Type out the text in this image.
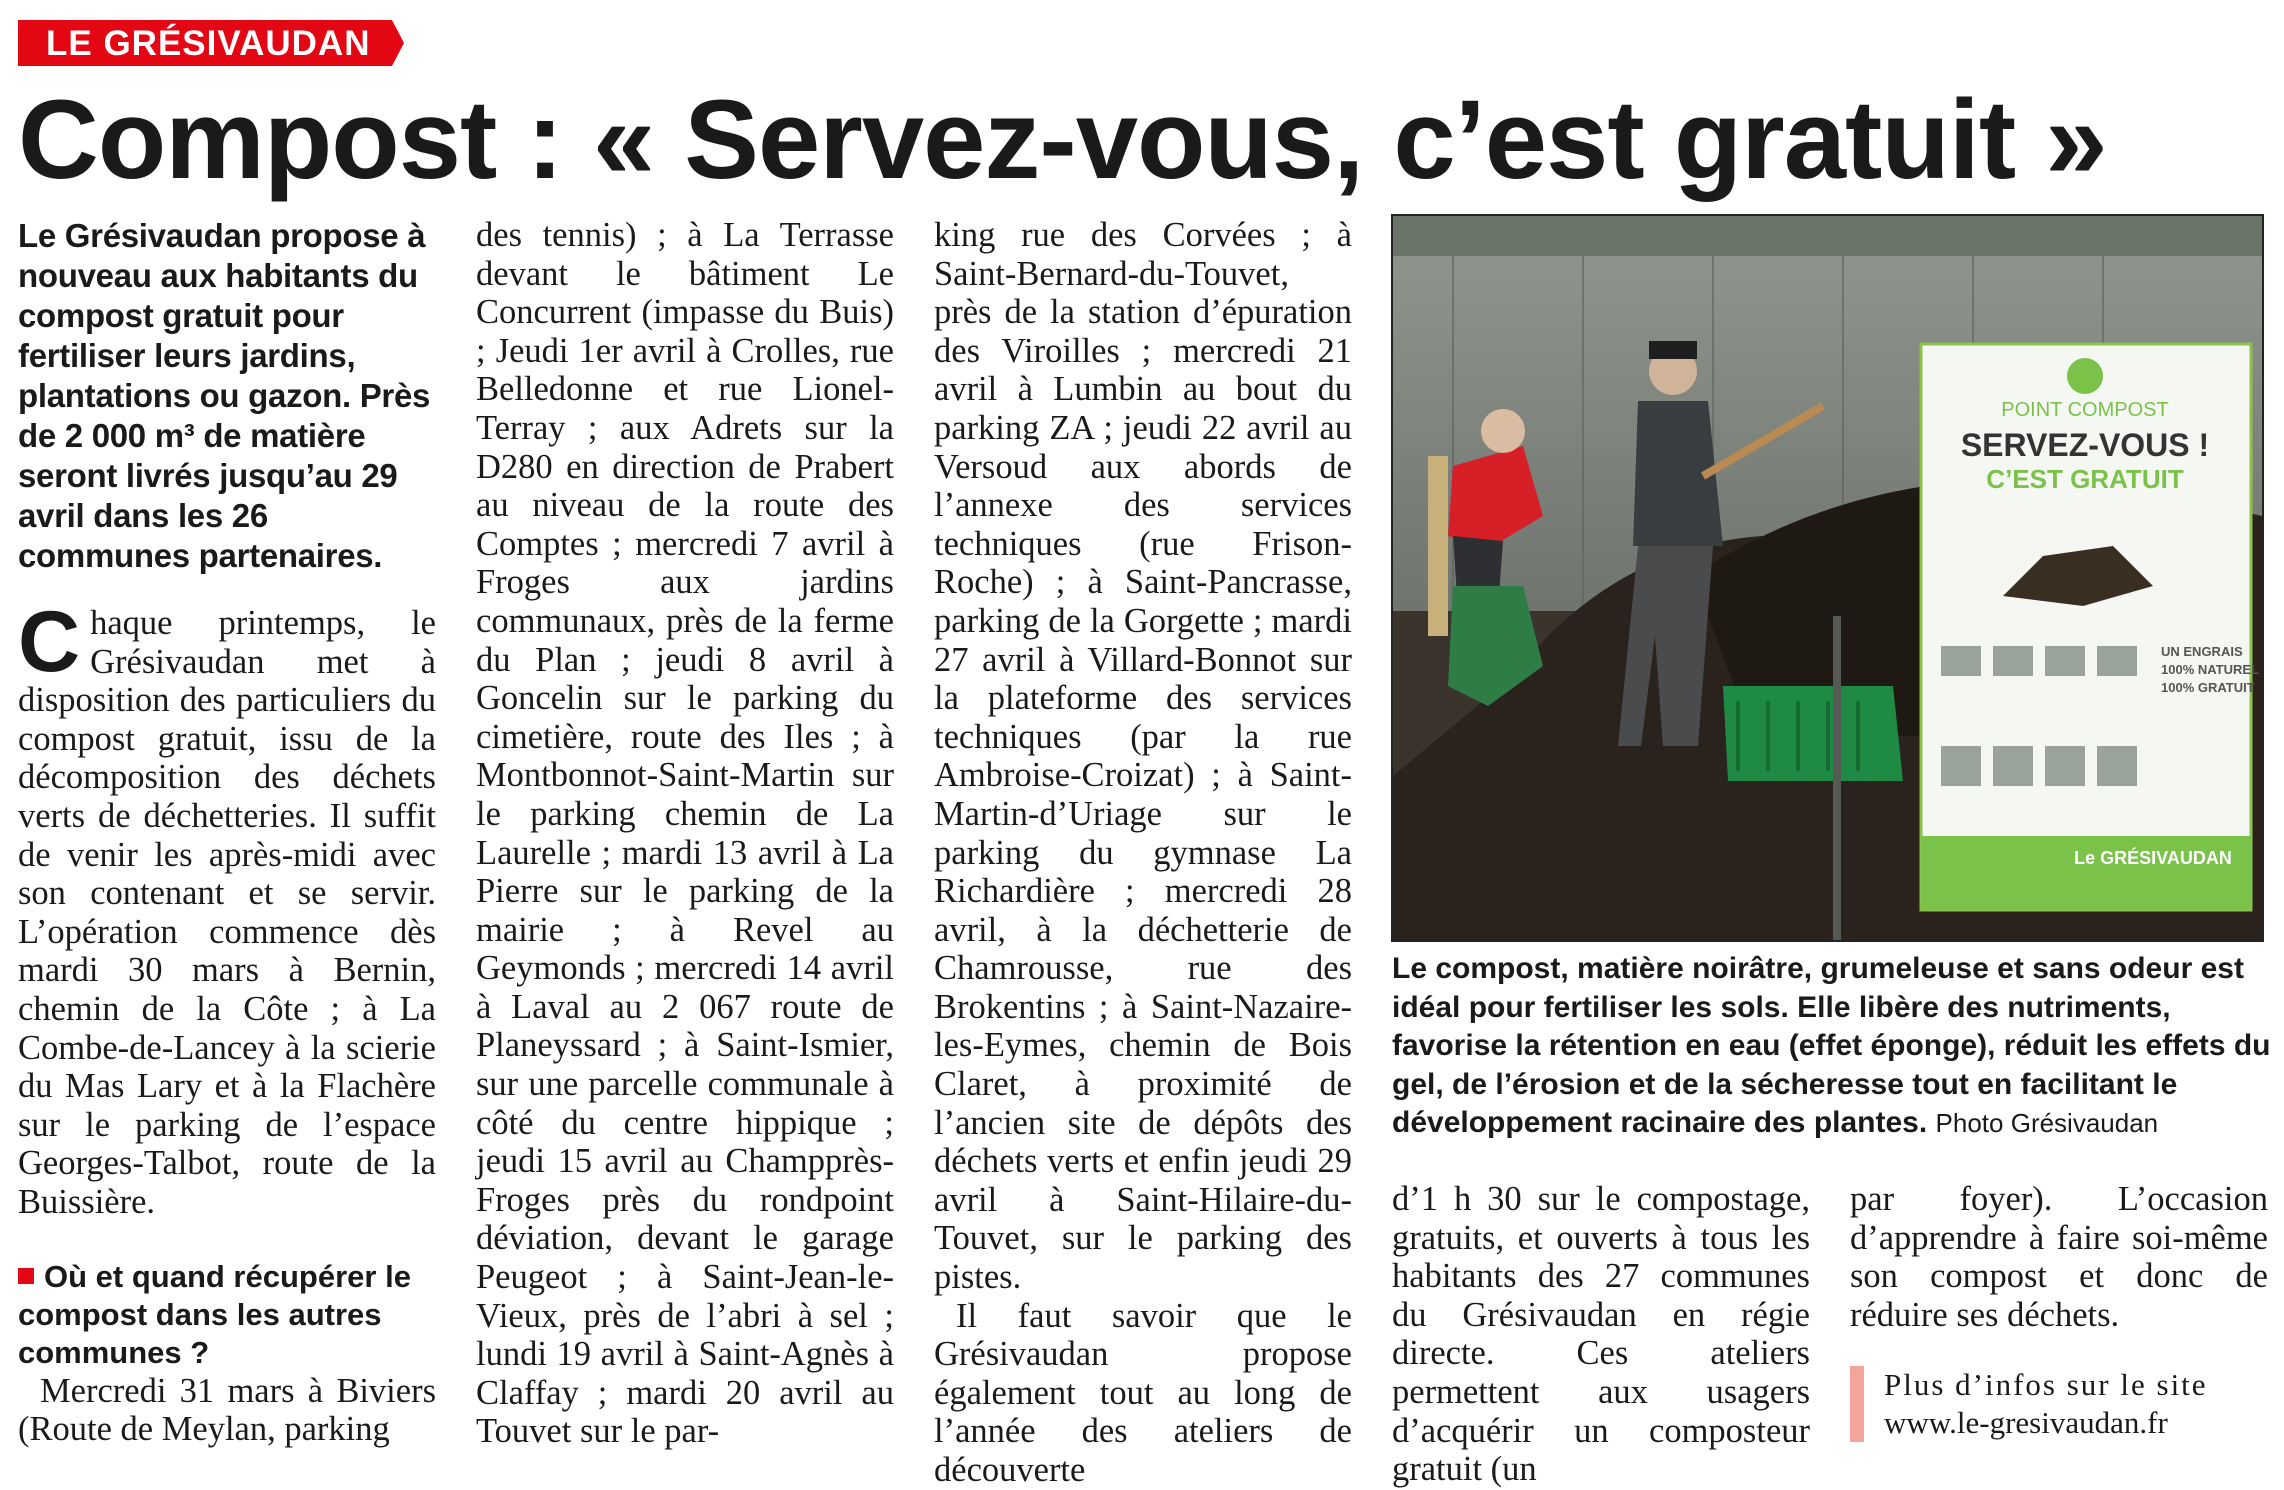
LE GRÉSIVAUDAN
Compost : « Servez-vous, c’est gratuit »

Le Grésivaudan propose à nouveau aux habitants du compost gratuit pour fertiliser leurs jardins, plantations ou gazon. Près de 2 000 m³ de matière seront livrés jusqu’au 29 avril dans les 26 communes partenaires.

Chaque printemps, le Grésivaudan met à disposition des particuliers du compost gratuit, issu de la décomposition des déchets verts de déchetteries. Il suffit de venir les après-midi avec son contenant et se servir. L’opération commence dès mardi 30 mars à Bernin, chemin de la Côte ; à La Combe-de-Lancey à la scierie du Mas Lary et à la Flachère sur le parking de l’espace Georges-Talbot, route de la Buissière.

Où et quand récupérer le compost dans les autres communes ?

Mercredi 31 mars à Biviers (Route de Meylan, parking

des tennis) ; à La Terrasse devant le bâtiment Le Concurrent (impasse du Buis) ; Jeudi 1er avril à Crolles, rue Belledonne et rue Lionel-Terray ; aux Adrets sur la D280 en direction de Prabert au niveau de la route des Comptes ; mercredi 7 avril à Froges aux jardins communaux, près de la ferme du Plan ; jeudi 8 avril à Goncelin sur le parking du cimetière, route des Iles ; à Montbonnot-Saint-Martin sur le parking chemin de La Laurelle ; mardi 13 avril à La Pierre sur le parking de la mairie ; à Revel au Geymonds ; mercredi 14 avril à Laval au 2 067 route de Planeyssard ; à Saint-Ismier, sur une parcelle communale à côté du centre hippique ; jeudi 15 avril au Champprès-Froges près du rondpoint déviation, devant le garage Peugeot ; à Saint-Jean-le-Vieux, près de l’abri à sel ; lundi 19 avril à Saint-Agnès à Claffay ; mardi 20 avril au Touvet sur le par-

king rue des Corvées ; à Saint-Bernard-du-Touvet, près de la station d’épuration des Viroilles ; mercredi 21 avril à Lumbin au bout du parking ZA ; jeudi 22 avril au Versoud aux abords de l’annexe des services techniques (rue Frison-Roche) ; à Saint-Pancrasse, parking de la Gorgette ; mardi 27 avril à Villard-Bonnot sur la plateforme des services techniques (par la rue Ambroise-Croizat) ; à Saint-Martin-d’Uriage sur le parking du gymnase La Richardière ; mercredi 28 avril, à la déchetterie de Chamrousse, rue des Brokentins ; à Saint-Nazaire-les-Eymes, chemin de Bois Claret, à proximité de l’ancien site de dépôts des déchets verts et enfin jeudi 29 avril à Saint-Hilaire-du-Touvet, sur le parking des pistes.

Il faut savoir que le Grésivaudan propose également tout au long de l’année des ateliers de découverte

POINT COMPOST
SERVEZ-VOUS !
C’EST GRATUIT
UN ENGRAIS
100% NATUREL
100% GRATUIT
Le GRÉSIVAUDAN
Le compost, matière noirâtre, grumeleuse et sans odeur est idéal pour fertiliser les sols. Elle libère des nutriments, favorise la rétention en eau (effet éponge), réduit les effets du gel, de l’érosion et de la sécheresse tout en facilitant le développement racinaire des plantes. Photo Grésivaudan

d’1 h 30 sur le compostage, gratuits, et ouverts à tous les habitants des 27 communes du Grésivaudan en régie directe. Ces ateliers permettent aux usagers d’acquérir un composteur gratuit (un

par foyer). L’occasion d’apprendre à faire soi-même son compost et donc de réduire ses déchets.

Plus d’infos sur le site
www.le-gresivaudan.fr
